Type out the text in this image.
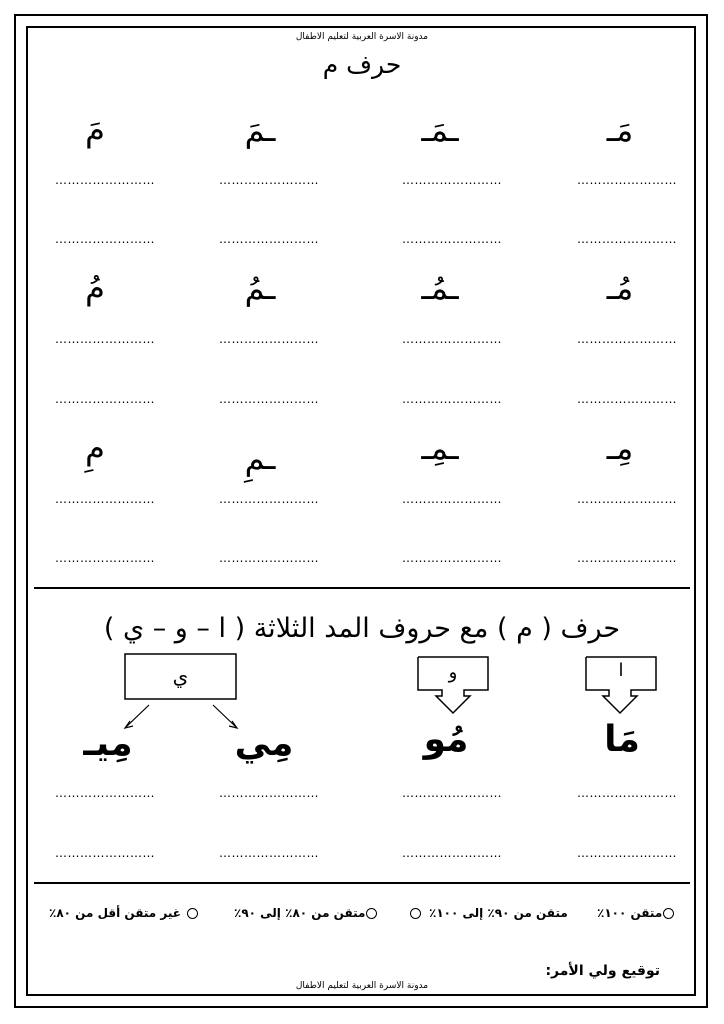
مدونة الاسرة العربية لتعليم الاطفال
حرف م
مَـ
ـمَـ
ـمَ
مَ
……………………
……………………
……………………
……………………
……………………
……………………
……………………
……………………
مُـ
ـمُـ
ـمُ
مُ
……………………
……………………
……………………
……………………
……………………
……………………
……………………
……………………
مِـ
ـمِـ
ـمِ
مِ
……………………
……………………
……………………
……………………
……………………
……………………
……………………
……………………
حرف ( م ) مع حروف المد الثلاثة ( ا – و – ي )
ا
و
ي
مَا
مُو
مِي
مِيـ
……………………
……………………
……………………
……………………
……………………
……………………
……………………
……………………
متقن ١٠٠٪
متقن من ٩٠٪ إلى ١٠٠٪
متقن من ٨٠٪ إلى ٩٠٪
غير متقن أقل من ٨٠٪
توقيع ولي الأمر:
مدونة الاسرة العربية لتعليم الاطفال
